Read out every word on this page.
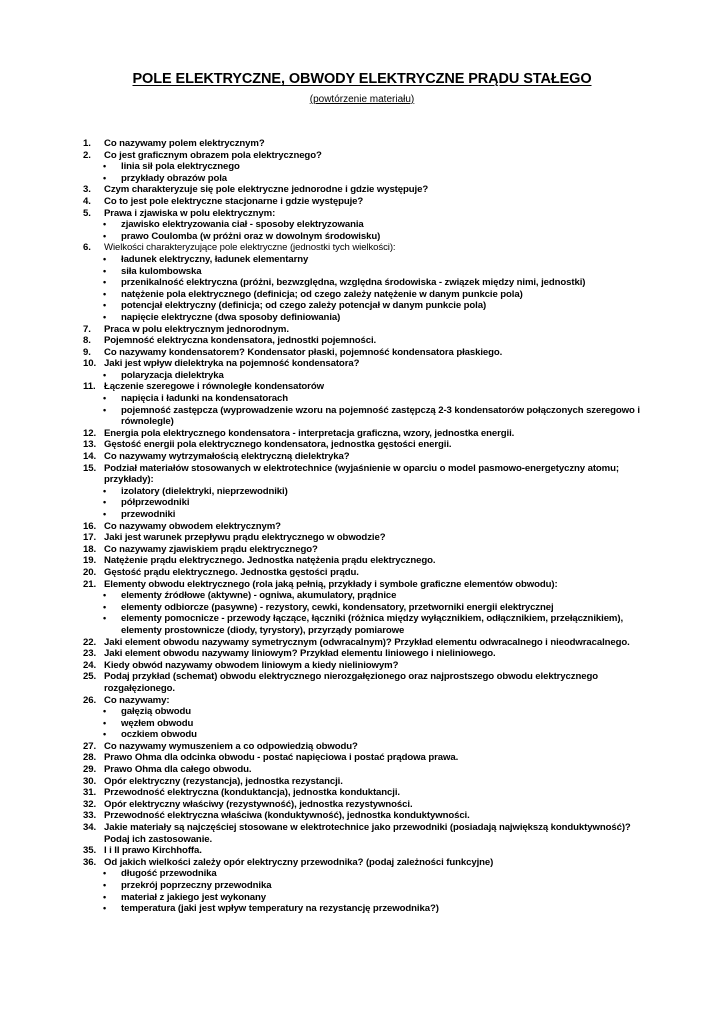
POLE ELEKTRYCZNE, OBWODY ELEKTRYCZNE PRĄDU STAŁEGO

(powtórzenie materiału)

1.	Co nazywamy polem elektrycznym?
2.	Co jest graficznym obrazem pola elektrycznego?
• linia sił pola elektrycznego
• przykłady obrazów pola
3.	Czym charakteryzuje się pole elektryczne jednorodne i gdzie występuje?
4.	Co to jest pole elektryczne stacjonarne i gdzie występuje?
5.	Prawa i zjawiska w polu elektrycznym:
• zjawisko elektryzowania ciał - sposoby elektryzowania
• prawo Coulomba (w próżni oraz w dowolnym środowisku)
6.	Wielkości charakteryzujące pole elektryczne (jednostki tych wielkości):
• ładunek elektryczny, ładunek elementarny
• siła kulombowska
• przenikalność elektryczna (próżni, bezwzględna, względna środowiska - związek między nimi, jednostki)
• natężenie pola elektrycznego (definicja; od czego zależy natężenie w danym punkcie pola)
• potencjał elektryczny (definicja; od czego zależy potencjał w danym punkcie pola)
• napięcie elektryczne (dwa sposoby definiowania)
7.	Praca w polu elektrycznym jednorodnym.
8.	Pojemność elektryczna kondensatora, jednostki pojemności.
9.	Co nazywamy kondensatorem? Kondensator płaski, pojemność kondensatora płaskiego.
10. Jaki jest wpływ dielektryka na pojemność kondensatora?
• polaryzacja dielektryka
11. Łączenie szeregowe i równoległe kondensatorów
• napięcia i ładunki na kondensatorach
• pojemność zastępcza (wyprowadzenie wzoru na pojemność zastępczą 2-3 kondensatorów połączonych szeregowo i równolegle)
12. Energia pola elektrycznego kondensatora - interpretacja graficzna, wzory, jednostka energii.
13. Gęstość energii pola elektrycznego kondensatora, jednostka gęstości energii.
14. Co nazywamy wytrzymałością elektryczną dielektryka?
15. Podział materiałów stosowanych w elektrotechnice (wyjaśnienie w oparciu o model pasmowo-energetyczny atomu; przykłady):
• izolatory (dielektryki, nieprzewodniki)
• półprzewodniki
• przewodniki
16. Co nazywamy obwodem elektrycznym?
17. Jaki jest warunek przepływu prądu elektrycznego w obwodzie?
18. Co nazywamy zjawiskiem prądu elektrycznego?
19. Natężenie prądu elektrycznego. Jednostka natężenia prądu elektrycznego.
20. Gęstość prądu elektrycznego. Jednostka gęstości prądu.
21. Elementy obwodu elektrycznego (rola jaką pełnią, przykłady i symbole graficzne elementów obwodu):
• elementy źródłowe (aktywne) - ogniwa, akumulatory, prądnice
• elementy odbiorcze (pasywne) - rezystory, cewki, kondensatory, przetworniki energii elektrycznej
• elementy pomocnicze - przewody łączące, łączniki (różnica między wyłącznikiem, odłącznikiem, przełącznikiem), elementy prostownicze (diody, tyrystory), przyrządy pomiarowe
22. Jaki element obwodu nazywamy symetrycznym (odwracalnym)? Przykład elementu odwracalnego i nieodwracalnego.
23. Jaki element obwodu nazywamy liniowym? Przykład elementu liniowego i nieliniowego.
24. Kiedy obwód nazywamy obwodem liniowym a kiedy nieliniowym?
25. Podaj przykład (schemat) obwodu elektrycznego nierozgałęzionego oraz najprostszego obwodu elektrycznego rozgałęzionego.
26. Co nazywamy:
• gałęzią obwodu
• węzłem obwodu
• oczkiem obwodu
27. Co nazywamy wymuszeniem a co odpowiedzią obwodu?
28. Prawo Ohma dla odcinka obwodu - postać napięciowa i postać prądowa prawa.
29. Prawo Ohma dla całego obwodu.
30. Opór elektryczny (rezystancja), jednostka rezystancji.
31. Przewodność elektryczna (konduktancja), jednostka konduktancji.
32. Opór elektryczny właściwy (rezystywność), jednostka rezystywności.
33. Przewodność elektryczna właściwa (konduktywność), jednostka konduktywności.
34. Jakie materiały są najczęściej stosowane w elektrotechnice jako przewodniki (posiadają największą konduktywność)? Podaj ich zastosowanie.
35. I i II prawo Kirchhoffa.
36. Od jakich wielkości zależy opór elektryczny przewodnika? (podaj zależności funkcyjne)
• długość przewodnika
• przekrój poprzeczny przewodnika
• materiał z jakiego jest wykonany
• temperatura (jaki jest wpływ temperatury na rezystancję przewodnika?)
